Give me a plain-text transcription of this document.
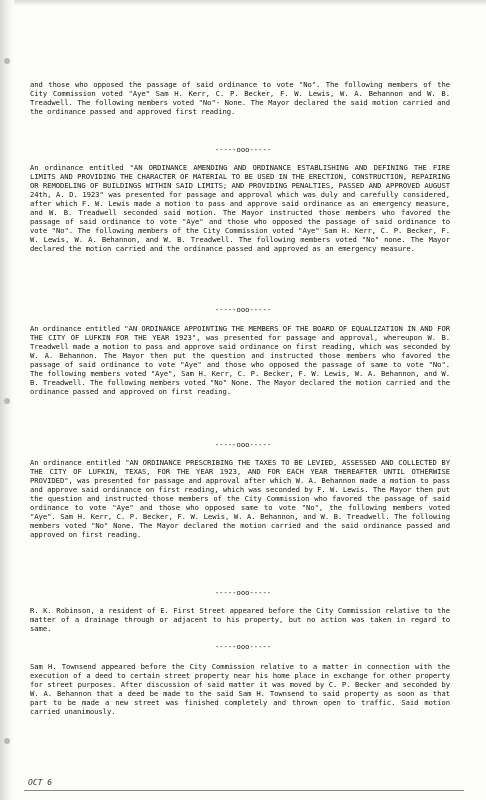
and those who opposed the passage of said ordinance to vote "No". The following members of the City Commission voted "Aye" Sam H. Kerr, C. P. Becker, F. W. Lewis, W. A. Behannon and W. B. Treadwell. The following members voted "No"- None. The Mayor declared the said motion carried and the ordinance passed and approved first reading.
-----ooo-----
An ordinance entitled "AN ORDINANCE AMENDING AND ORDINANCE ESTABLISHING AND DEFINING THE FIRE LIMITS AND PROVIDING THE CHARACTER OF MATERIAL TO BE USED IN THE ERECTION, CONSTRUCTION, REPAIRING OR REMODELING OF BUILDINGS WITHIN SAID LIMITS; AND PROVIDING PENALTIES, PASSED AND APPROVED AUGUST 24th, A. D. 1923" was presented for passage and approval which was duly and carefully considered, after which F. W. Lewis made a motion to pass and approve said ordinance as an emergency measure, and W. B. Treadwell seconded said motion. The Mayor instructed those members who favored the passage of said ordinance to vote "Aye" and those who opposed the passage of said ordinance to vote "No". The following members of the City Commission voted "Aye" Sam H. Kerr, C. P. Becker, F. W. Lewis, W. A. Behannon, and W. B. Treadwell. The following members voted "No" none. The Mayor declared the motion carried and the ordinance passed and approved as an emergency measure.
-----ooo-----
An ordinance entitled "AN ORDINANCE APPOINTING THE MEMBERS OF THE BOARD OF EQUALIZATION IN AND FOR THE CITY OF LUFKIN FOR THE YEAR 1923", was presented for passage and approval, whereupon W. B. Treadwell made a motion to pass and approve said ordinance on first reading, which was seconded by W. A. Behannon. The Mayor then put the question and instructed those members who favored the passage of said ordinance to vote "Aye" and those who opposed the passage of same to vote "No". The following members voted "Aye", Sam H. Kerr, C. P. Becker, F. W. Lewis, W. A. Behannon, and W. B. Treadwell. The following members voted "No" None. The Mayor declared the motion carried and the ordinance passed and approved on first reading.
-----ooo-----
An ordinance entitled "AN ORDINANCE PRESCRIBING THE TAXES TO BE LEVIED, ASSESSED AND COLLECTED BY THE CITY OF LUFKIN, TEXAS, FOR THE YEAR 1923, AND FOR EACH YEAR THEREAFTER UNTIL OTHERWISE PROVIDED", was presented for passage and approval after which W. A. Behannon made a motion to pass and approve said ordinance on first reading, which was seconded by F. W. Lewis. The Mayor then put the question and instructed those members of the City Commission who favored the passage of said ordinance to vote "Aye" and those who opposed same to vote "No", the following members voted "Aye". Sam H. Kerr, C. P. Becker, F. W. Lewis, W. A. Behannon, and W. B. Treadwell. The following members voted "No" None. The Mayor declared the motion carried and the said ordinance passed and approved on first reading.
-----ooo-----
R. K. Robinson, a resident of E. First Street appeared before the City Commission relative to the matter of a drainage through or adjacent to his property, but no action was taken in regard to same.
-----ooo-----
Sam H. Townsend appeared before the City Commission relative to a matter in connection with the execution of a deed to certain street property near his home place in exchange for other property for street purposes. After discussion of said matter it was moved by C. P. Becker and seconded by W. A. Behannon that a deed be made to the said Sam H. Townsend to said property as soon as that part to be made a new street was finished completely and thrown open to traffic. Said motion carried unanimously.
OCT 6
